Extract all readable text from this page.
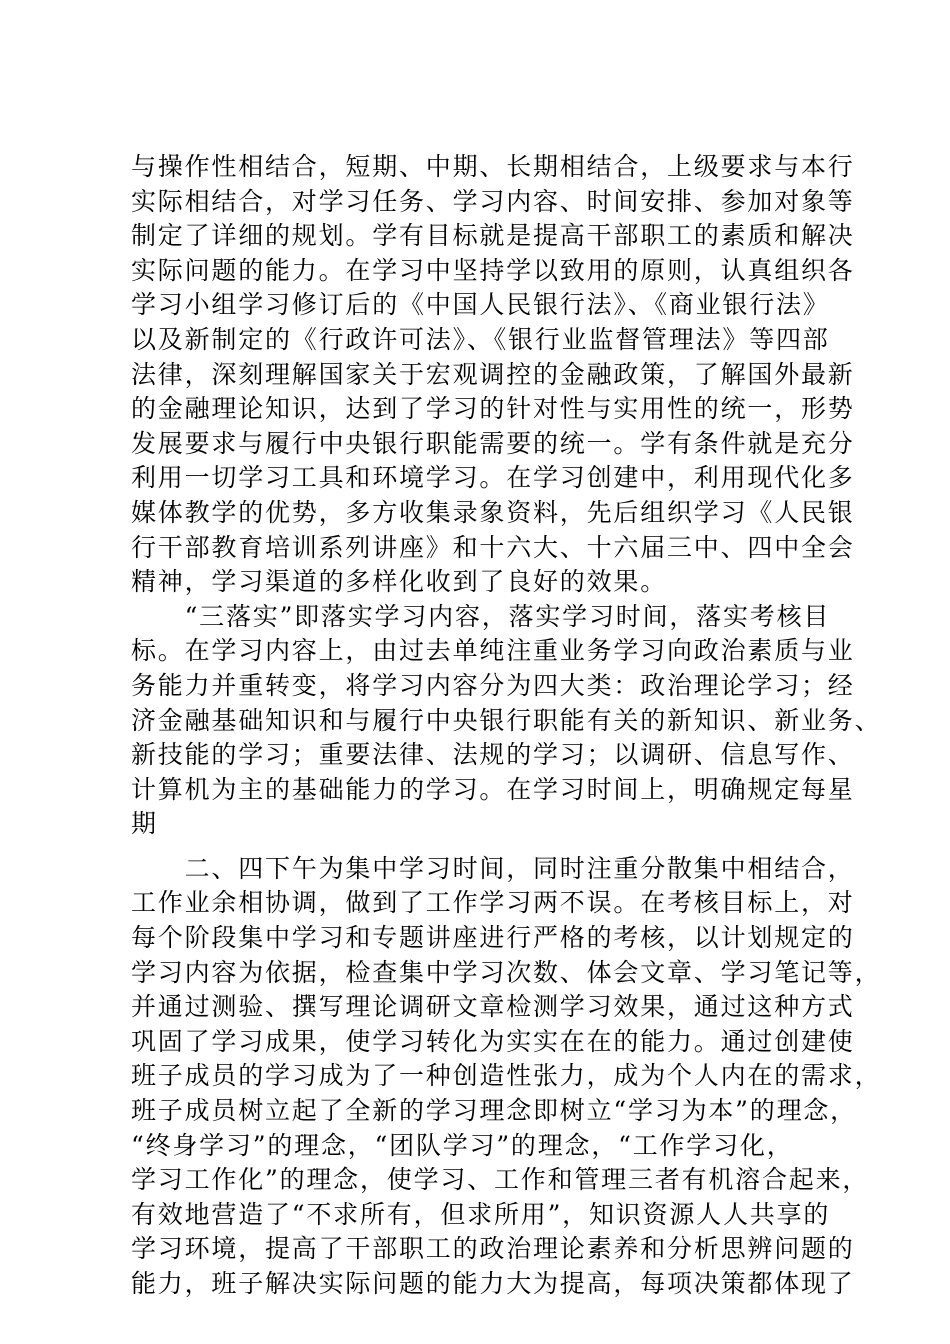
与操作性相结合，短期、中期、长期相结合，上级要求与本行
实际相结合，对学习任务、学习内容、时间安排、参加对象等
制定了详细的规划。学有目标就是提高干部职工的素质和解决
实际问题的能力。在学习中坚持学以致用的原则，认真组织各
学习小组学习修订后的《中国人民银行法》、《商业银行法》
以及新制定的《行政许可法》、《银行业监督管理法》等四部
法律，深刻理解国家关于宏观调控的金融政策，了解国外最新
的金融理论知识，达到了学习的针对性与实用性的统一，形势
发展要求与履行中央银行职能需要的统一。学有条件就是充分
利用一切学习工具和环境学习。在学习创建中，利用现代化多
媒体教学的优势，多方收集录象资料，先后组织学习《人民银
行干部教育培训系列讲座》和十六大、十六届三中、四中全会
精神，学习渠道的多样化收到了良好的效果。
　　“三落实”即落实学习内容，落实学习时间，落实考核目
标。在学习内容上，由过去单纯注重业务学习向政治素质与业
务能力并重转变，将学习内容分为四大类：政治理论学习；经
济金融基础知识和与履行中央银行职能有关的新知识、新业务、
新技能的学习；重要法律、法规的学习；以调研、信息写作、
计算机为主的基础能力的学习。在学习时间上，明确规定每星
期
　　二、四下午为集中学习时间，同时注重分散集中相结合，
工作业余相协调，做到了工作学习两不误。在考核目标上，对
每个阶段集中学习和专题讲座进行严格的考核，以计划规定的
学习内容为依据，检查集中学习次数、体会文章、学习笔记等，
并通过测验、撰写理论调研文章检测学习效果，通过这种方式
巩固了学习成果，使学习转化为实实在在的能力。通过创建使
班子成员的学习成为了一种创造性张力，成为个人内在的需求，
班子成员树立起了全新的学习理念即树立“学习为本”的理念，
“终身学习”的理念，“团队学习”的理念，“工作学习化，
学习工作化”的理念，使学习、工作和管理三者有机溶合起来，
有效地营造了“不求所有，但求所用”，知识资源人人共享的
学习环境，提高了干部职工的政治理论素养和分析思辨问题的
能力，班子解决实际问题的能力大为提高，每项决策都体现了
